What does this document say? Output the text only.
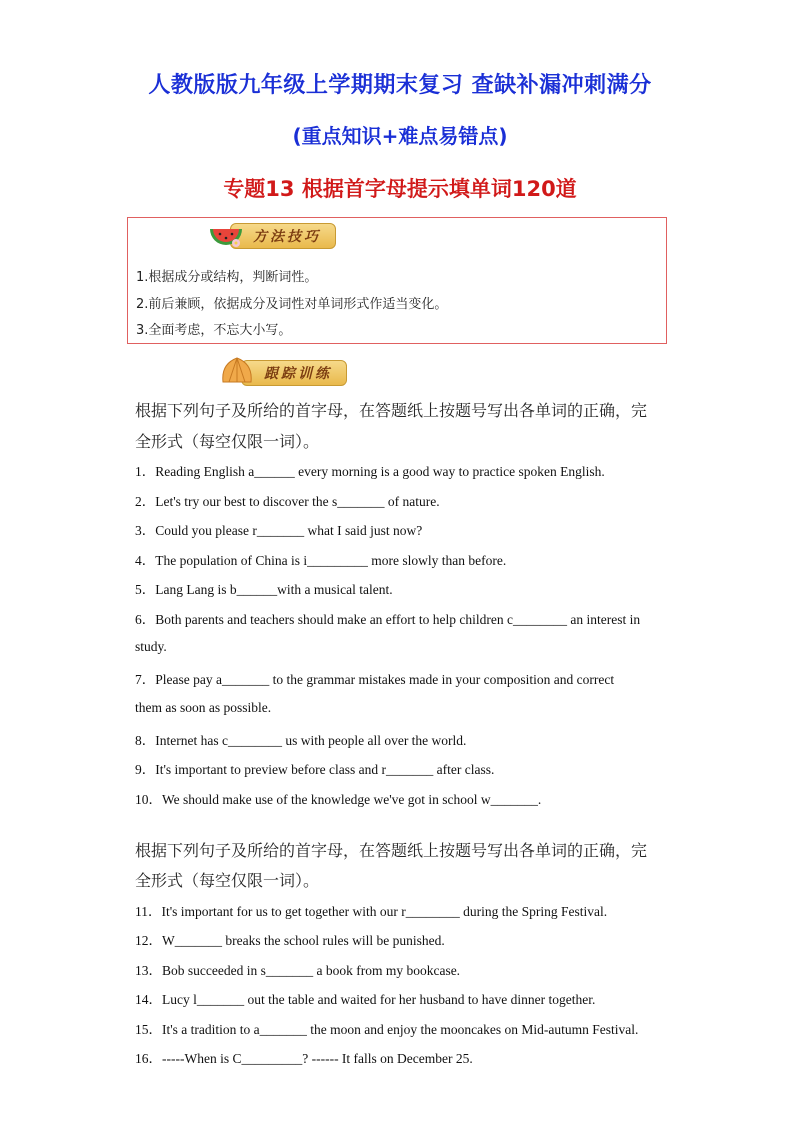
人教版版九年级上学期期末复习 查缺补漏冲刺满分
(重点知识+难点易错点)
专题13 根据首字母提示填单词120道
方法技巧
1.根据成分或结构，判断词性。
2.前后兼顾，依据成分及词性对单词形式作适当变化。
3.全面考虑，不忘大小写。
跟踪训练
根据下列句子及所给的首字母，在答题纸上按题号写出各单词的正确，完
全形式（每空仅限一词）。
1．Reading English a______ every morning is a good way to practice spoken English.
2．Let's try our best to discover the s_______ of nature.
3．Could you please r_______ what I said just now?
4．The population of China is i_________ more slowly than before.
5．Lang Lang is b______with a musical talent.
6．Both parents and teachers should make an effort to help children c________ an interest in
study.
7．Please pay a_______ to the grammar mistakes made in your composition and correct
them as soon as possible.
8．Internet has c________ us with people all over the world.
9．It's important to preview before class and r_______ after class.
10．We should make use of the knowledge we've got in school w_______.
根据下列句子及所给的首字母，在答题纸上按题号写出各单词的正确，完
全形式（每空仅限一词）。
11．It's important for us to get together with our r________ during the Spring Festival.
12．W_______ breaks the school rules will be punished.
13．Bob succeeded in s_______ a book from my bookcase.
14．Lucy l_______ out the table and waited for her husband to have dinner together.
15．It's a tradition to a_______ the moon and enjoy the mooncakes on Mid-autumn Festival.
16．-----When is C_________? ------ It falls on December 25.
